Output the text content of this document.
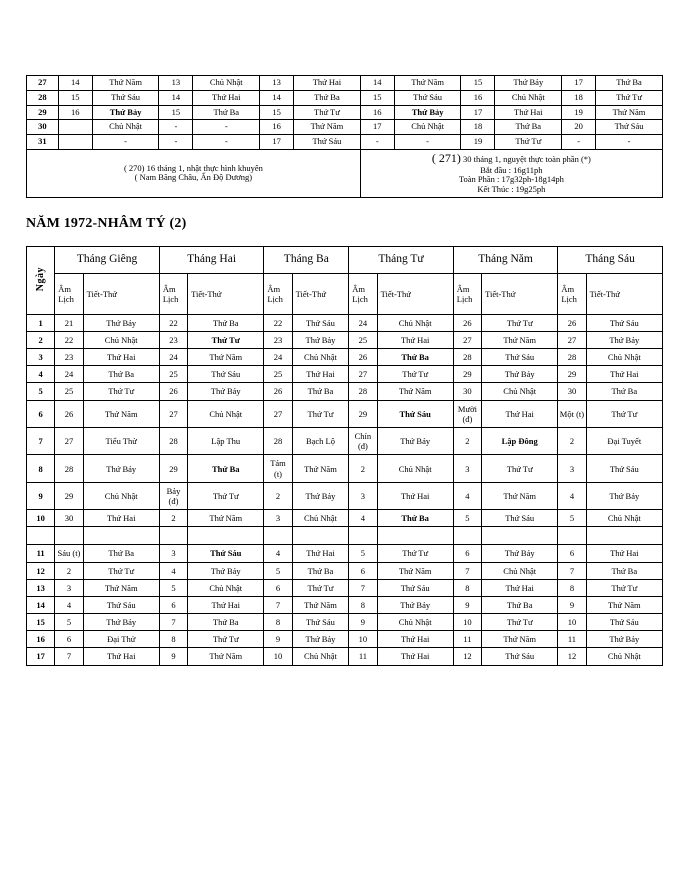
27	14	Thứ Năm	13	Chủ Nhật	13	Thứ Hai	14	Thứ Năm	15	Thứ Bảy	17	Thứ Ba
28	15	Thứ Sáu	14	Thứ Hai	14	Thứ Ba	15	Thứ Sáu	16	Chủ Nhật	18	Thứ Tư
29	16	Thứ Bảy	15	Thứ Ba	15	Thứ Tư	16	Thứ Bảy	17	Thứ Hai	19	Thứ Năm
30		Chủ Nhật	-	-	16	Thứ Năm	17	Chủ Nhật	18	Thứ Ba	20	Thứ Sáu
31		-	-	-	17	Thứ Sáu	-	-	19	Thứ Tư	-	-

( 270) 16 tháng 1, nhật thực hình khuyên
( Nam Băng Châu, Ấn Độ Dương)							( 271) 30 tháng 1, nguyệt thực toàn phần (*)
Bắt đầu : 16g11ph
Toàn Phần : 17g32ph-18g14ph
Kết Thúc : 19g25ph					
NĂM 1972-NHÂM TÝ (2)
Ngày	Tháng Giêng		Tháng Hai		Tháng Ba		Tháng Tư		Tháng Năm		Tháng Sáu	
	Âm Lịch	Tiết-Thứ	Âm Lịch	Tiết-Thứ	Âm Lịch	Tiết-Thứ	Âm Lịch	Tiết-Thứ	Âm Lịch	Tiết-Thứ	Âm Lịch	Tiết-Thứ
1	21	Thứ Bảy	22	Thứ Ba	22	Thứ Sáu	24	Chủ Nhật	26	Thứ Tư	26	Thứ Sáu
2	22	Chủ Nhật	23	Thứ Tư	23	Thứ Bảy	25	Thứ Hai	27	Thứ Năm	27	Thứ Bảy
3	23	Thứ Hai	24	Thứ Năm	24	Chủ Nhật	26	Thứ Ba	28	Thứ Sáu	28	Chủ Nhật
4	24	Thứ Ba	25	Thứ Sáu	25	Thứ Hai	27	Thứ Tư	29	Thứ Bảy	29	Thứ Hai
5	25	Thứ Tư	26	Thứ Bảy	26	Thứ Ba	28	Thứ Năm	30	Chủ Nhật	30	Thứ Ba
6	26	Thứ Năm	27	Chủ Nhật	27	Thứ Tư	29	Thứ Sáu	Mười (đ)	Thứ Hai	Một (t)	Thứ Tư
7	27	Tiểu Thử	28	Lập Thu	28	Bạch Lộ	Chín (đ)	Thứ Bảy	2	Lập Đông	2	Đại Tuyết
8	28	Thứ Bảy	29	Thứ Ba	Tám (t)	Thứ Năm	2	Chủ Nhật	3	Thứ Tư	3	Thứ Sáu
9	29	Chủ Nhật	Bảy (đ)	Thứ Tư	2	Thứ Bảy	3	Thứ Hai	4	Thứ Năm	4	Thứ Bảy
10	30	Thứ Hai	2	Thứ Năm	3	Chủ Nhật	4	Thứ Ba	5	Thứ Sáu	5	Chủ Nhật

11	Sáu (t)	Thứ Ba	3	Thứ Sáu	4	Thứ Hai	5	Thứ Tư	6	Thứ Bảy	6	Thứ Hai
12	2	Thứ Tư	4	Thứ Bảy	5	Thứ Ba	6	Thứ Năm	7	Chủ Nhật	7	Thứ Ba
13	3	Thứ Năm	5	Chủ Nhật	6	Thứ Tư	7	Thứ Sáu	8	Thứ Hai	8	Thứ Tư
14	4	Thứ Sáu	6	Thứ Hai	7	Thứ Năm	8	Thứ Bảy	9	Thứ Ba	9	Thứ Năm
15	5	Thứ Bảy	7	Thứ Ba	8	Thứ Sáu	9	Chủ Nhật	10	Thứ Tư	10	Thứ Sáu
16	6	Đại Thử	8	Thứ Tư	9	Thứ Bảy	10	Thứ Hai	11	Thứ Năm	11	Thứ Bảy
17	7	Thứ Hai	9	Thứ Năm	10	Chủ Nhật	11	Thứ Hai	12	Thứ Sáu	12	Chủ Nhật
